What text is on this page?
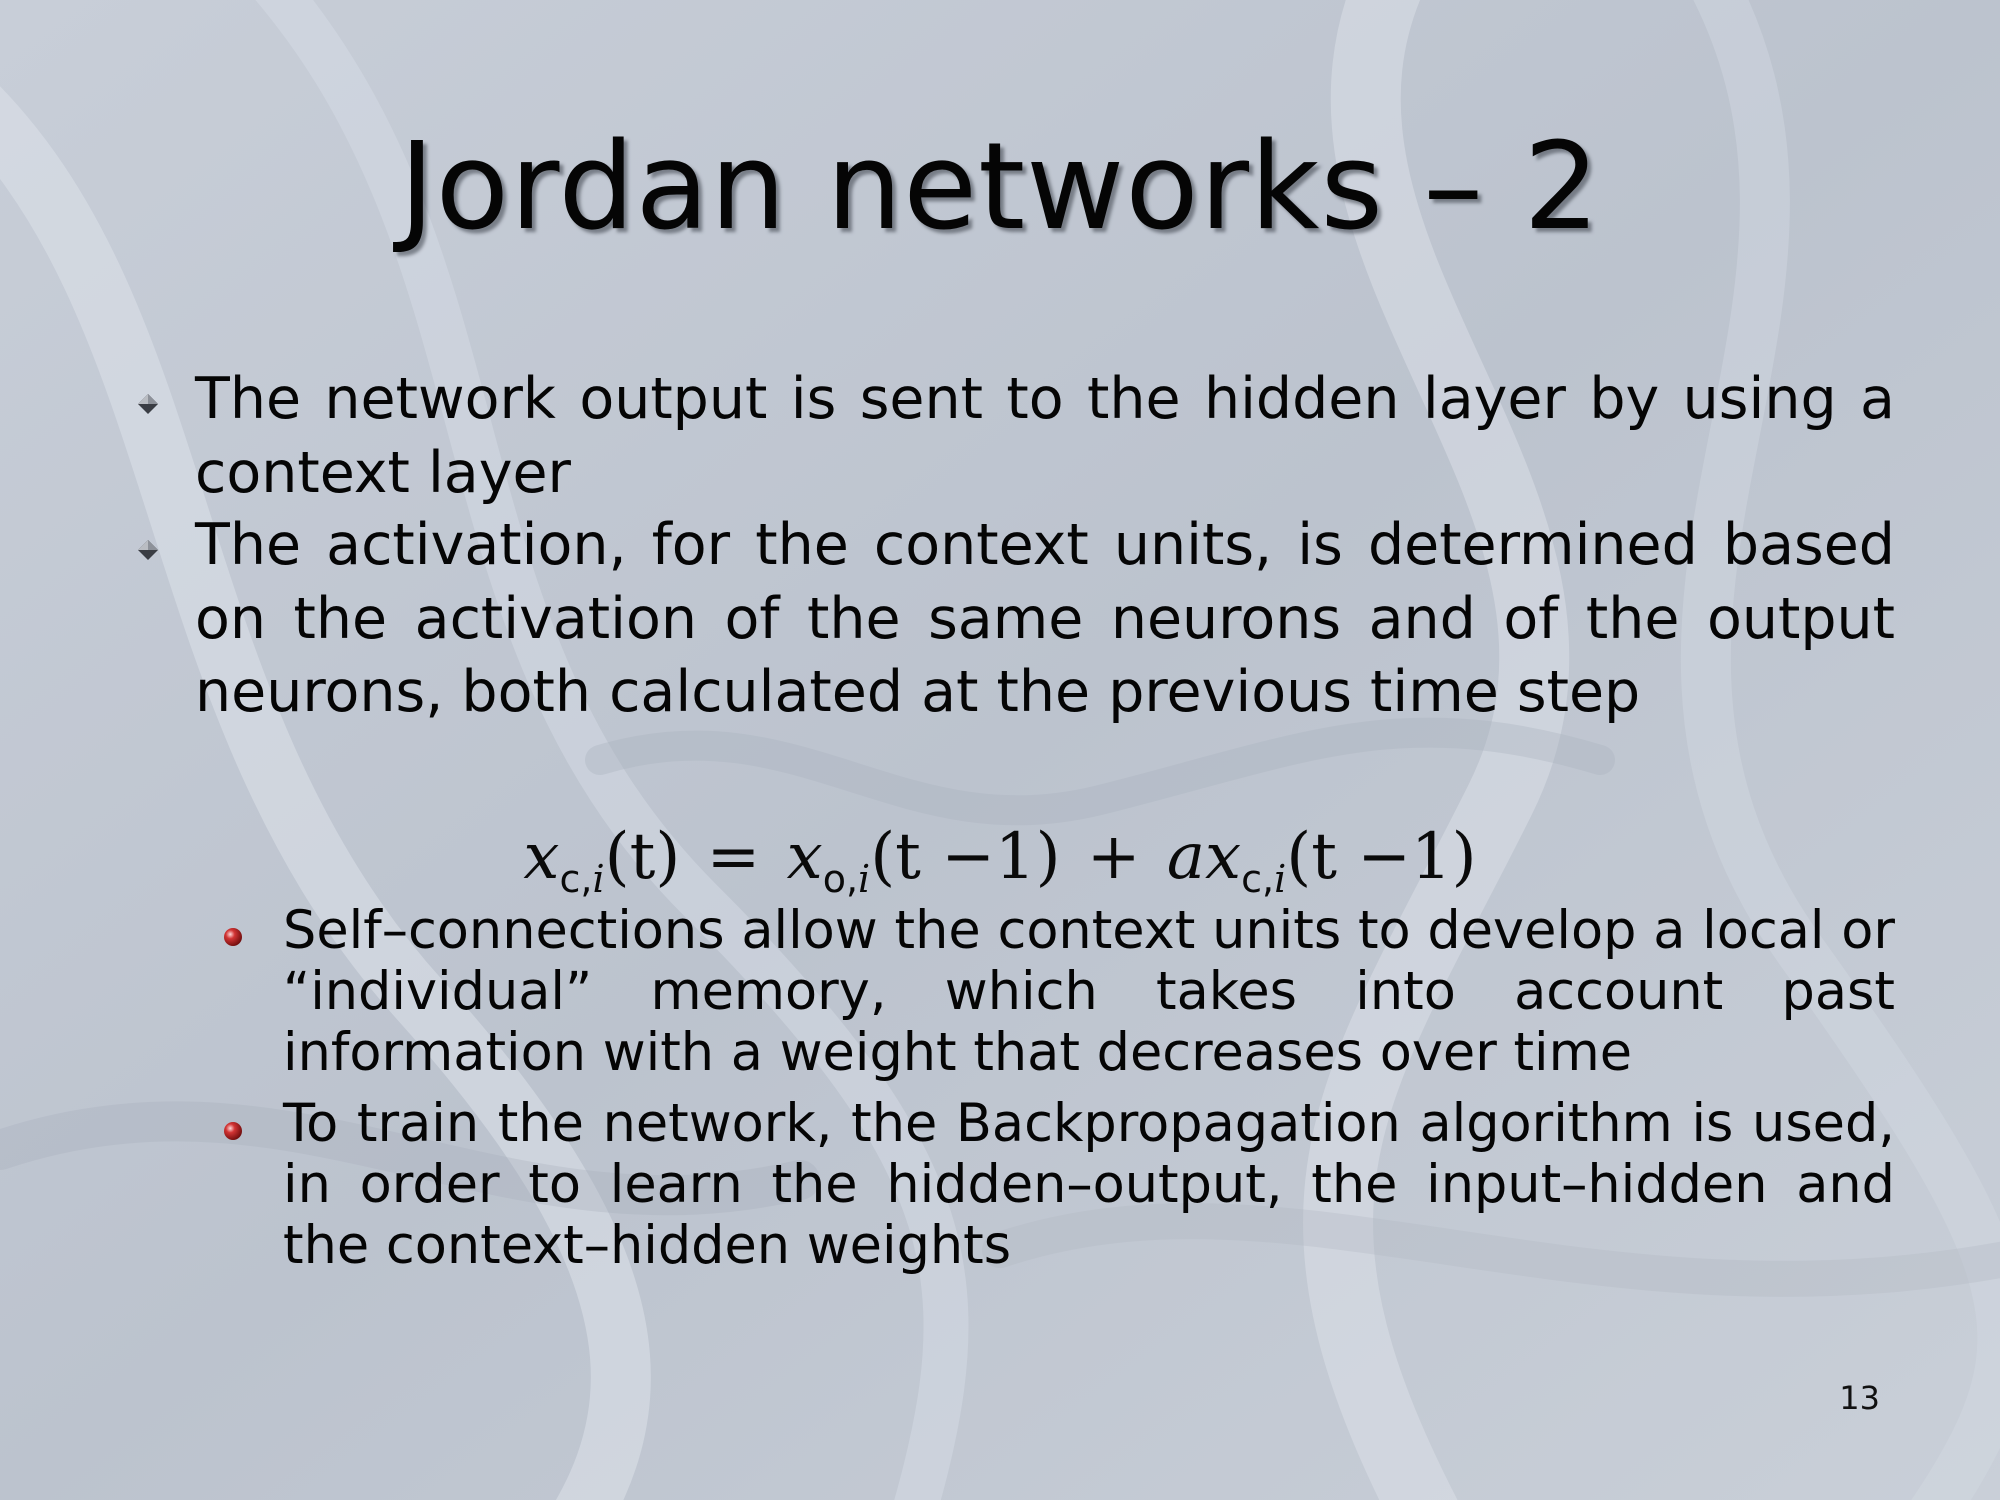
Jordan networks – 2

The network output is sent to the hidden layer by using a context layer

The activation, for the context units, is determined based on the activation of the same neurons and of the output neurons, both calculated at the previous time step

$x_{c,i}(t) = x_{o,i}(t -1) + ax_{c,i}(t -1)$

Self–connections allow the context units to develop a local or “individual” memory, which takes into account past information with a weight that decreases over time

To train the network, the Backpropagation algorithm is used, in order to learn the hidden–output, the input–hidden and the context–hidden weights

13
